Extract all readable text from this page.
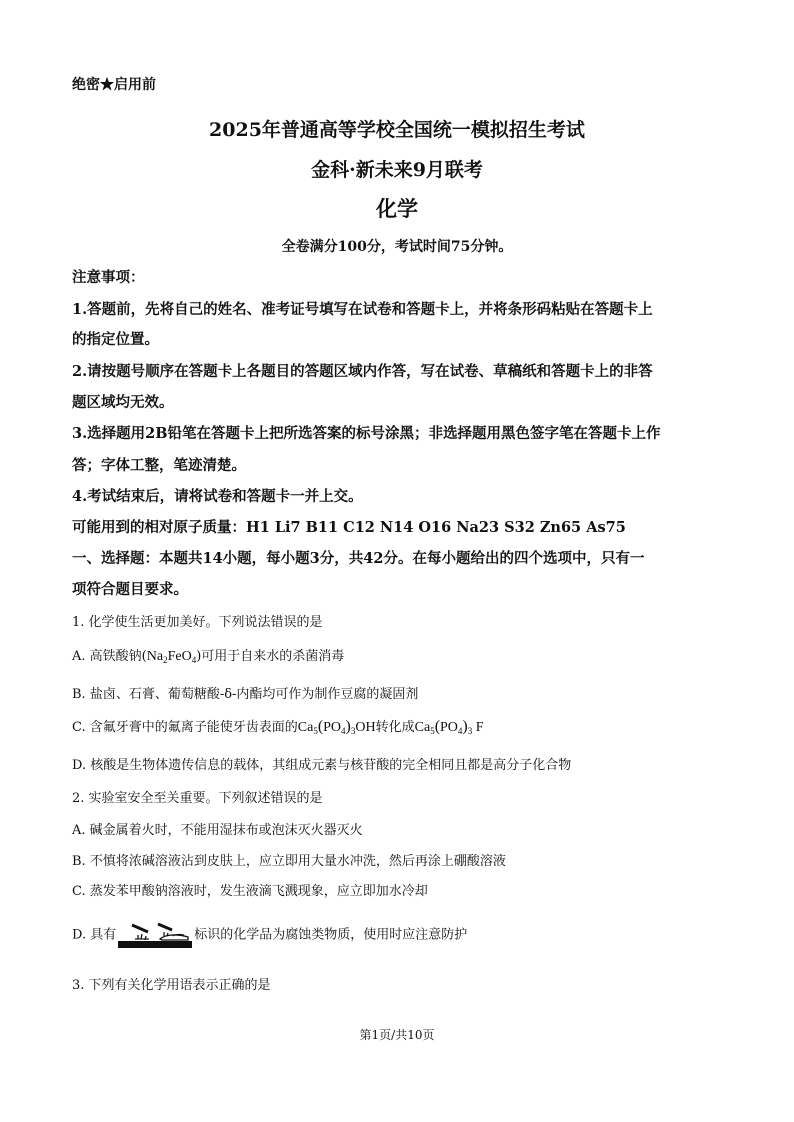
绝密★启用前
2025年普通高等学校全国统一模拟招生考试
金科·新未来9月联考
化学
全卷满分100分，考试时间75分钟。
注意事项：
1.答题前，先将自己的姓名、准考证号填写在试卷和答题卡上，并将条形码粘贴在答题卡上
的指定位置。
2.请按题号顺序在答题卡上各题目的答题区域内作答，写在试卷、草稿纸和答题卡上的非答
题区域均无效。
3.选择题用2B铅笔在答题卡上把所选答案的标号涂黑；非选择题用黑色签字笔在答题卡上作
答；字体工整，笔迹清楚。
4.考试结束后，请将试卷和答题卡一并上交。
可能用到的相对原子质量：H1 Li7 B11 C12 N14 O16 Na23 S32 Zn65 As75
一、选择题：本题共14小题，每小题3分，共42分。在每小题给出的四个选项中，只有一
项符合题目要求。
1. 化学使生活更加美好。下列说法错误的是
A. 高铁酸钠$(Na_2FeO_4)$可用于自来水的杀菌消毒
B. 盐卤、石膏、葡萄糖酸-δ-内酯均可作为制作豆腐的凝固剂
C. 含氟牙膏中的氟离子能使牙齿表面的$Ca_5(PO_4)_3OH$转化成$Ca_5(PO_4)_3$ F
D. 核酸是生物体遗传信息的载体，其组成元素与核苷酸的完全相同且都是高分子化合物
2. 实验室安全至关重要。下列叙述错误的是
A. 碱金属着火时，不能用湿抹布或泡沫灭火器灭火
B. 不慎将浓碱溶液沾到皮肤上，应立即用大量水冲洗，然后再涂上硼酸溶液
C. 蒸发苯甲酸钠溶液时，发生液滴飞溅现象，应立即加水冷却
D. 具有	标识的化学品为腐蚀类物质，使用时应注意防护
3. 下列有关化学用语表示正确的是
第1页/共10页
